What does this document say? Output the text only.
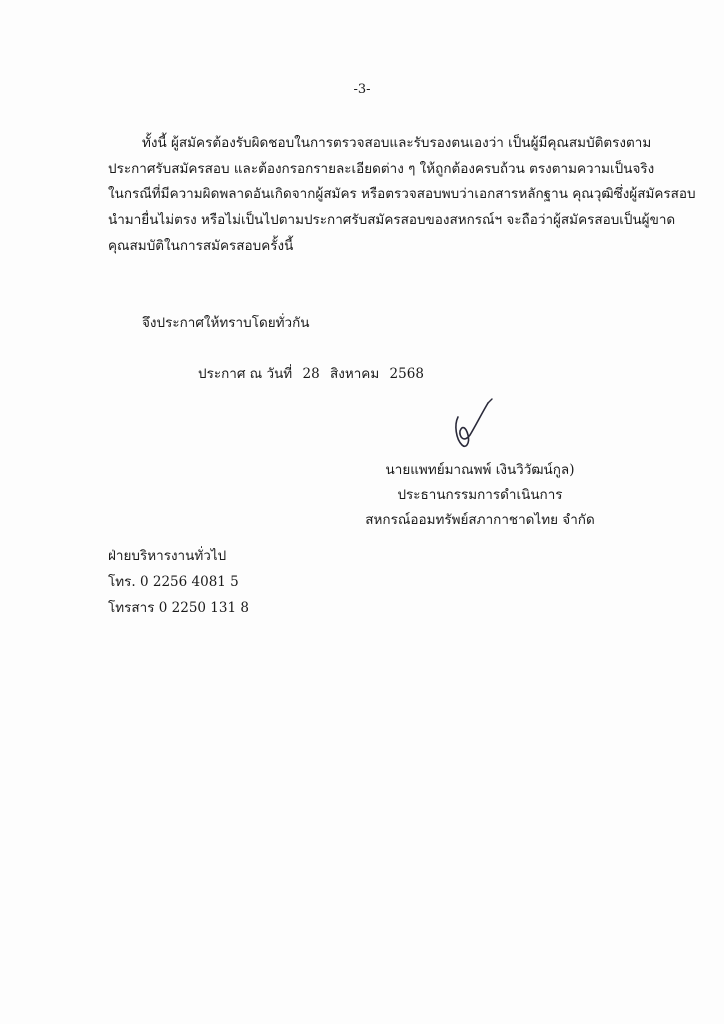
-3-
ทั้งนี้ ผู้สมัครต้องรับผิดชอบในการตรวจสอบและรับรองตนเองว่า เป็นผู้มีคุณสมบัติตรงตาม
ประกาศรับสมัครสอบ และต้องกรอกรายละเอียดต่าง ๆ ให้ถูกต้องครบถ้วน ตรงตามความเป็นจริง
ในกรณีที่มีความผิดพลาดอันเกิดจากผู้สมัคร หรือตรวจสอบพบว่าเอกสารหลักฐาน คุณวุฒิซึ่งผู้สมัครสอบ
นำมายื่นไม่ตรง หรือไม่เป็นไปตามประกาศรับสมัครสอบของสหกรณ์ฯ จะถือว่าผู้สมัครสอบเป็นผู้ขาด
คุณสมบัติในการสมัครสอบครั้งนี้
จึงประกาศให้ทราบโดยทั่วกัน
ประกาศ ณ วันที่ 28 สิงหาคม 2568
นายแพทย์มาณพพ์ เงินวิวัฒน์กูล)
ประธานกรรมการดำเนินการ
สหกรณ์ออมทรัพย์สภากาชาดไทย จำกัด
ฝ่ายบริหารงานทั่วไป
โทร. 0 2256 4081 5
โทรสาร 0 2250 131 8
